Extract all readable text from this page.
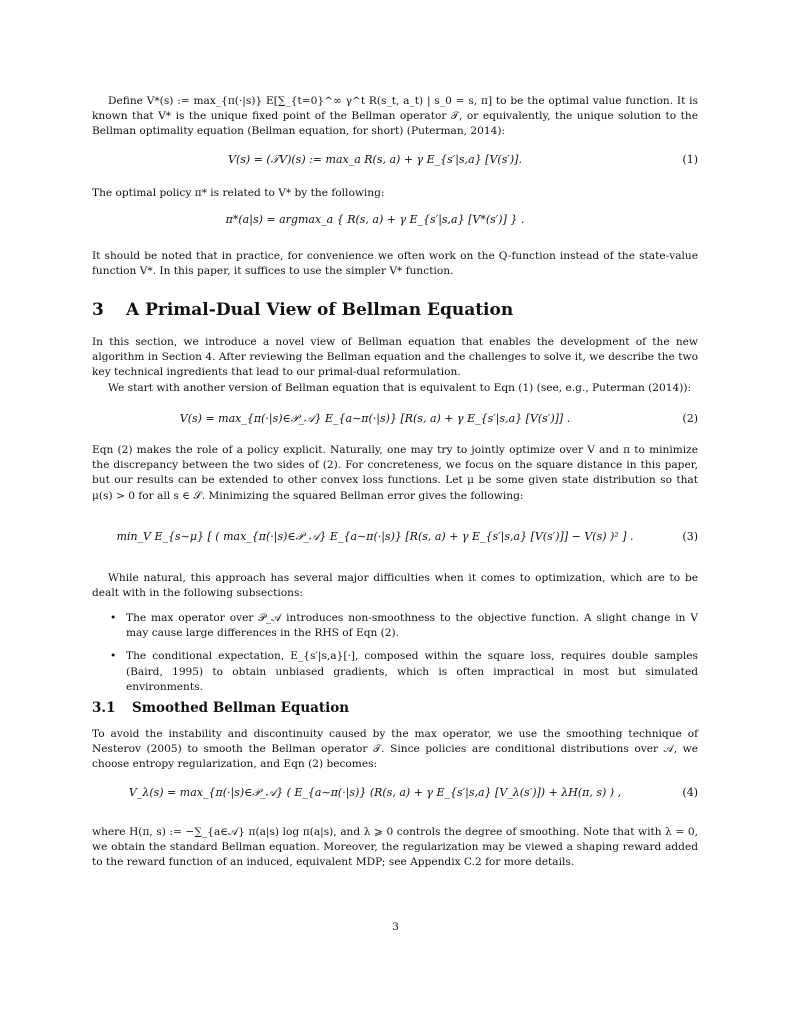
Define V*(s) := max_{π(·|s)} E[∑_{t=0}^∞ γ^t R(s_t, a_t) | s_0 = s, π] to be the optimal value function. It is known that V* is the unique fixed point of the Bellman operator 𝒯, or equivalently, the unique solution to the Bellman optimality equation (Bellman equation, for short) (Puterman, 2014):

V(s) = (𝒯V)(s) := max_a R(s, a) + γ E_{s′|s,a} [V(s′)].	(1)

The optimal policy π* is related to V* by the following:

π*(a|s) = argmax_a { R(s, a) + γ E_{s′|s,a} [V*(s′)] } .

It should be noted that in practice, for convenience we often work on the Q-function instead of the state-value function V*. In this paper, it suffices to use the simpler V* function.

3 A Primal-Dual View of Bellman Equation

In this section, we introduce a novel view of Bellman equation that enables the development of the new algorithm in Section 4. After reviewing the Bellman equation and the challenges to solve it, we describe the two key technical ingredients that lead to our primal-dual reformulation.

We start with another version of Bellman equation that is equivalent to Eqn (1) (see, e.g., Puterman (2014)):

V(s) = max_{π(·|s)∈𝒫_𝒜} E_{a∼π(·|s)} [R(s, a) + γ E_{s′|s,a} [V(s′)]] .	(2)

Eqn (2) makes the role of a policy explicit. Naturally, one may try to jointly optimize over V and π to minimize the discrepancy between the two sides of (2). For concreteness, we focus on the square distance in this paper, but our results can be extended to other convex loss functions. Let μ be some given state distribution so that μ(s) > 0 for all s ∈ 𝒮. Minimizing the squared Bellman error gives the following:

min_V E_{s∼μ} [ ( max_{π(·|s)∈𝒫_𝒜} E_{a∼π(·|s)} [R(s, a) + γ E_{s′|s,a} [V(s′)]] − V(s) )² ] .	(3)

While natural, this approach has several major difficulties when it comes to optimization, which are to be dealt with in the following subsections:

• The max operator over 𝒫_𝒜 introduces non-smoothness to the objective function. A slight change in V may cause large differences in the RHS of Eqn (2).
• The conditional expectation, E_{s′|s,a}[·], composed within the square loss, requires double samples (Baird, 1995) to obtain unbiased gradients, which is often impractical in most but simulated environments.
3.1 Smoothed Bellman Equation

To avoid the instability and discontinuity caused by the max operator, we use the smoothing technique of Nesterov (2005) to smooth the Bellman operator 𝒯. Since policies are conditional distributions over 𝒜, we choose entropy regularization, and Eqn (2) becomes:

V_λ(s) = max_{π(·|s)∈𝒫_𝒜} ( E_{a∼π(·|s)} (R(s, a) + γ E_{s′|s,a} [V_λ(s′)]) + λH(π, s) ) ,	(4)

where H(π, s) := −∑_{a∈𝒜} π(a|s) log π(a|s), and λ ⩾ 0 controls the degree of smoothing. Note that with λ = 0, we obtain the standard Bellman equation. Moreover, the regularization may be viewed a shaping reward added to the reward function of an induced, equivalent MDP; see Appendix C.2 for more details.

3
